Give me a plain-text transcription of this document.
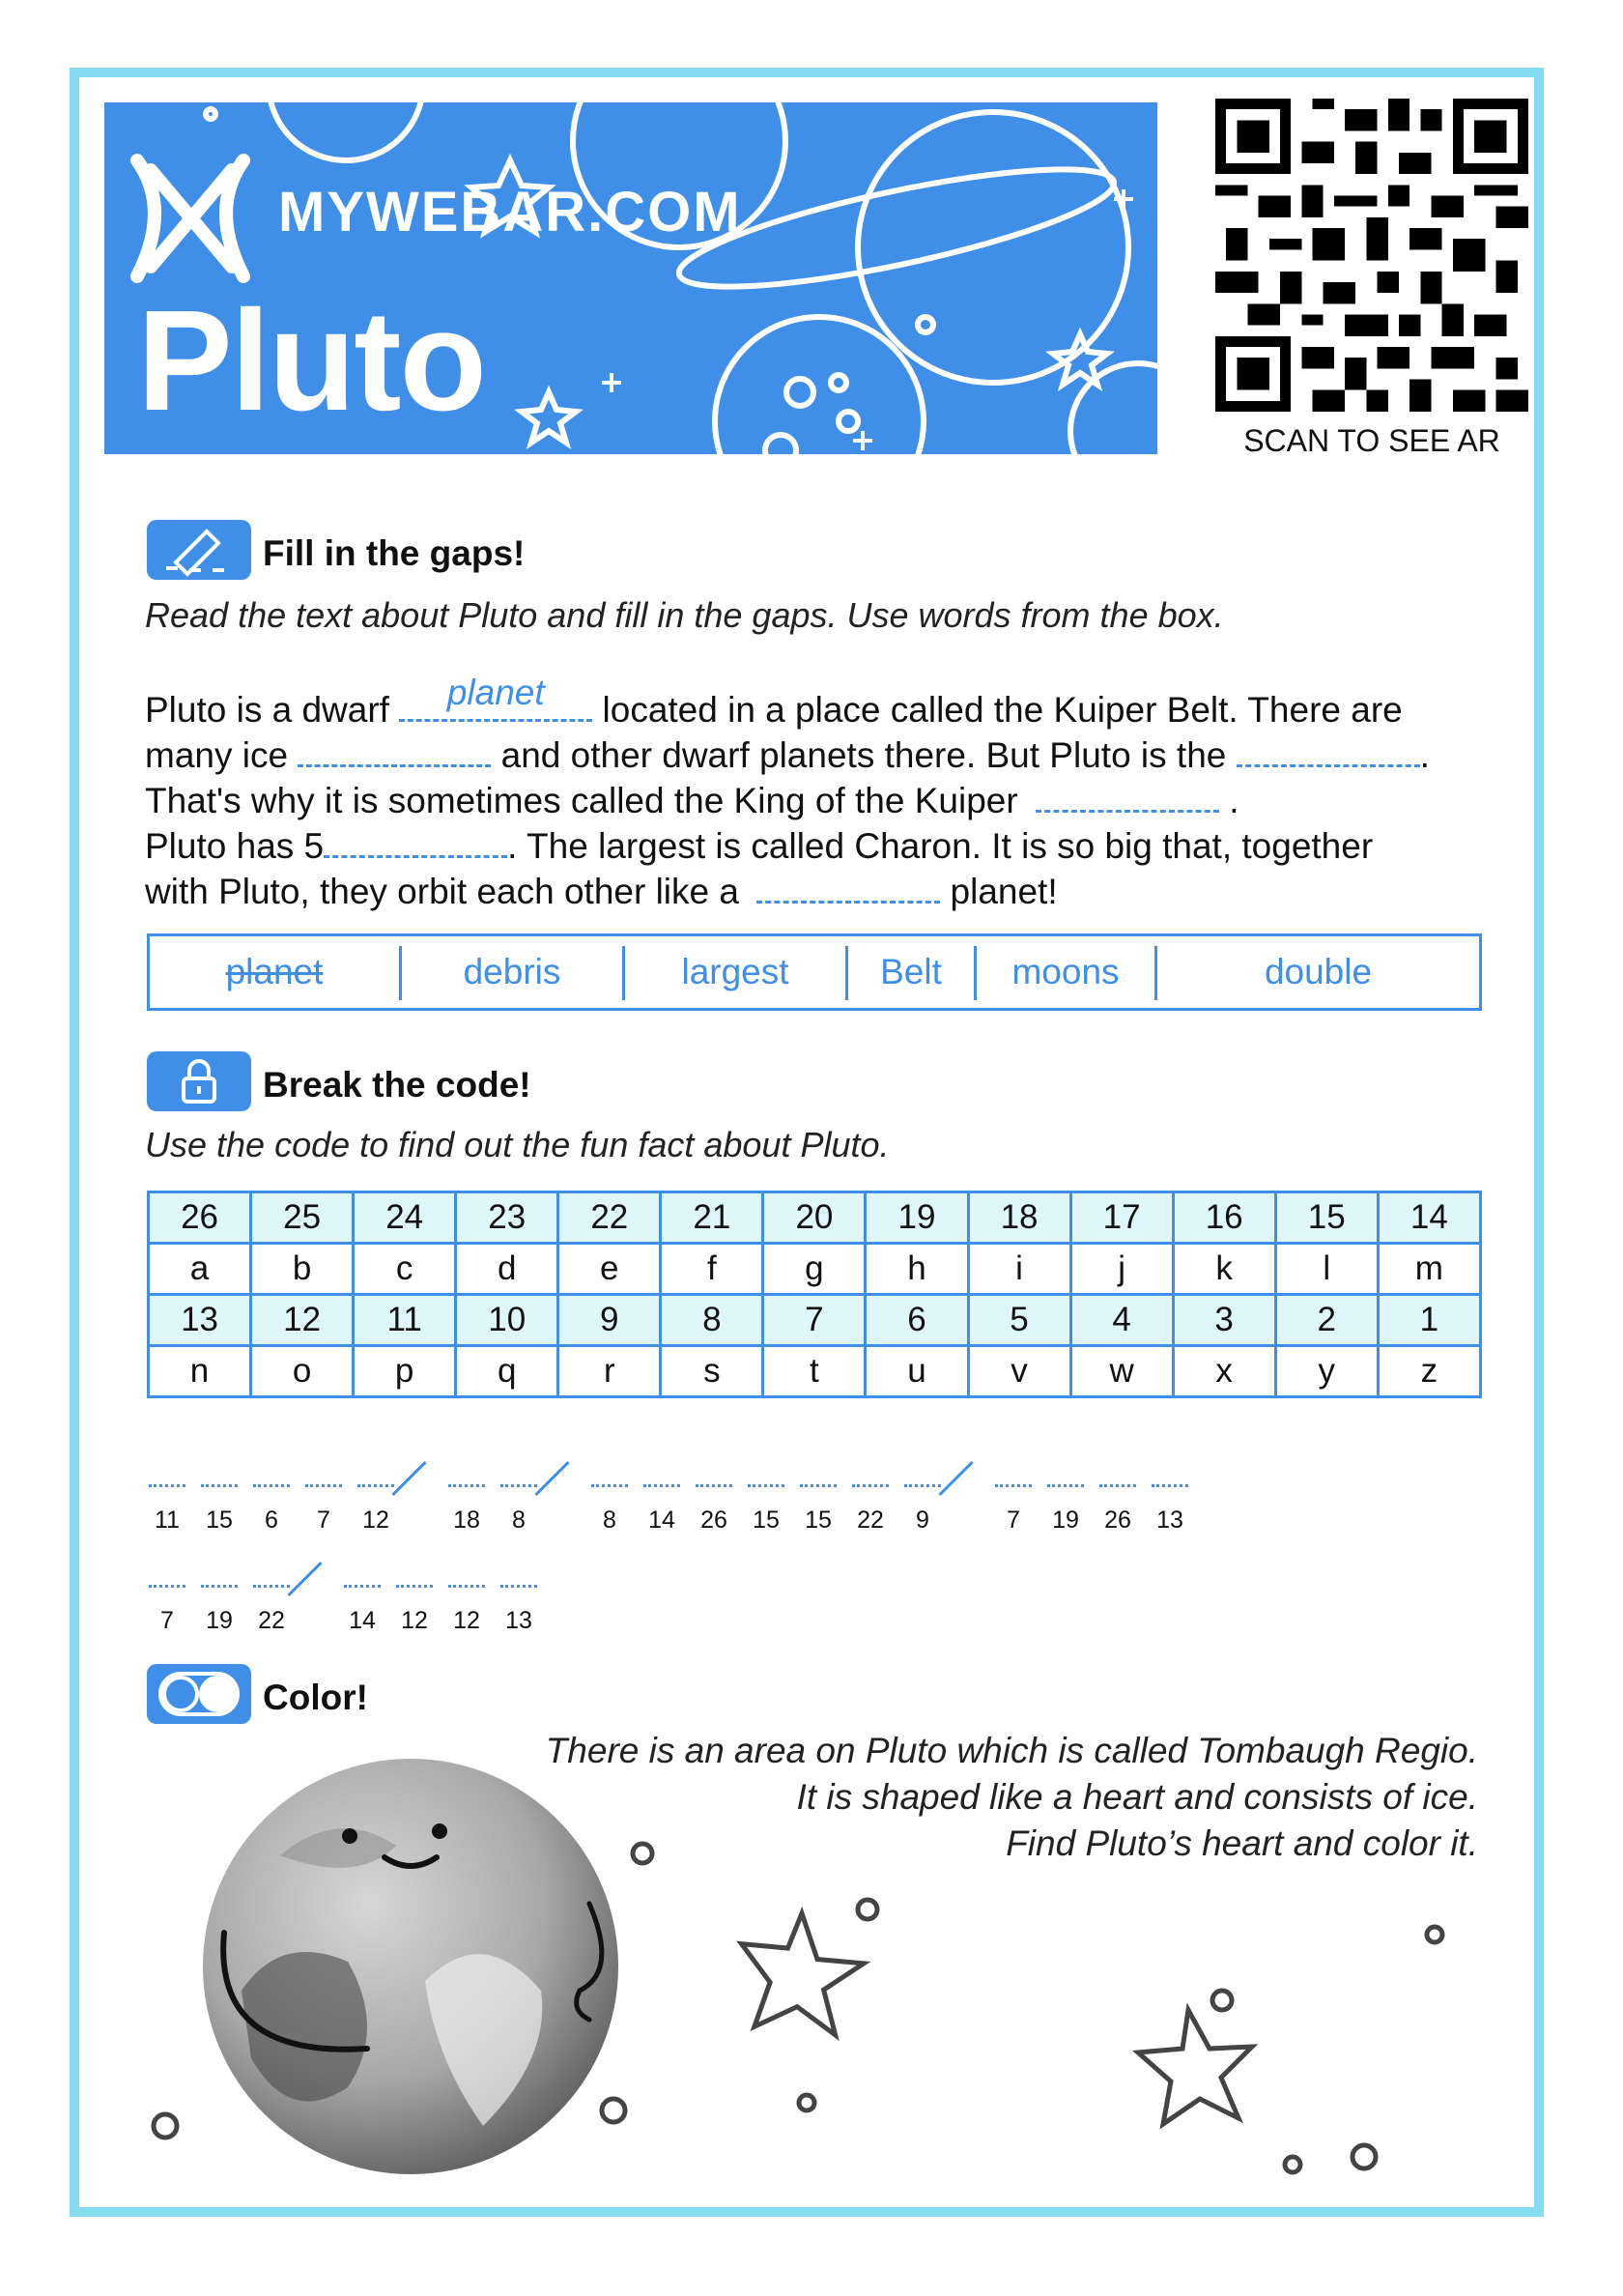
MYWEBAR.COM
Pluto	SCAN TO SEE AR
Fill in the gaps!
Read the text about Pluto and fill in the gaps. Use words from the box.
Pluto is a dwarf	planet	located in a place called the Kuiper Belt. There are
many ice	and other dwarf planets there. But Pluto is the	.
That's why it is sometimes called the King of the Kuiper	.
Pluto has 5	. The largest is called Charon. It is so big that, together
with Pluto, they orbit each other like a	planet!
planet	debris	largest	Belt	moons	double
Break the code!
Use the code to find out the fun fact about Pluto.
26	25	24	23	22	21	20	19	18	17	16	15	14
a	b	c	d	e	f	g	h	i	j	k	l	m
13	12	11	10	9	8	7	6	5	4	3	2	1
n	o	p	q	r	s	t	u	v	w	x	y	z
11	15	6	7	12	18	8	8	14	26	15	15	22	9	7	19	26	13
7	19	22	14	12	12	13
Color!
There is an area on Pluto which is called Tombaugh Regio.
It is shaped like a heart and consists of ice.
Find Pluto’s heart and color it.
